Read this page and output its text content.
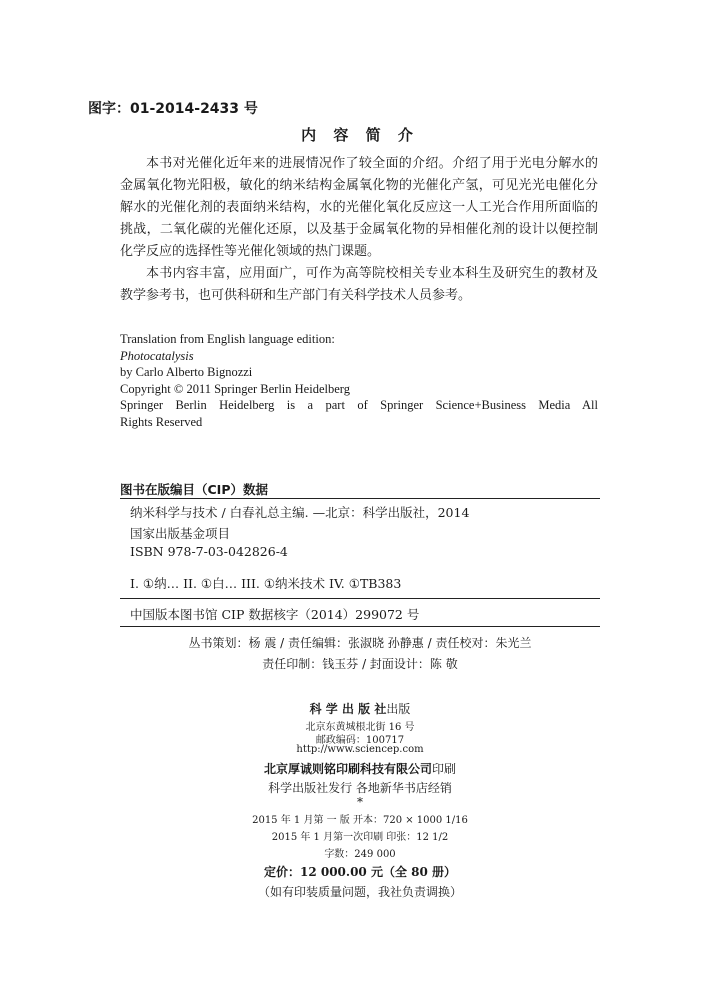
图字：01-2014-2433 号
内 容 简 介
本书对光催化近年来的进展情况作了较全面的介绍。介绍了用于光电分解水的金属氧化物光阳极，敏化的纳米结构金属氧化物的光催化产氢，可见光光电催化分解水的光催化剂的表面纳米结构，水的光催化氧化反应这一人工光合作用所面临的挑战，二氧化碳的光催化还原，以及基于金属氧化物的异相催化剂的设计以便控制化学反应的选择性等光催化领域的热门课题。
本书内容丰富，应用面广，可作为高等院校相关专业本科生及研究生的教材及教学参考书，也可供科研和生产部门有关科学技术人员参考。
Translation from English language edition:
Photocatalysis
by Carlo Alberto Bignozzi
Copyright © 2011 Springer Berlin Heidelberg
Springer Berlin Heidelberg is a part of Springer Science+Business Media All
Rights Reserved
图书在版编目（CIP）数据
纳米科学与技术 / 白春礼总主编. —北京：科学出版社，2014
国家出版基金项目
ISBN 978-7-03-042826-4
I. ①纳… II. ①白… III. ①纳米技术 IV. ①TB383
中国版本图书馆 CIP 数据核字（2014）299072 号
丛书策划：杨 震 / 责任编辑：张淑晓 孙静惠 / 责任校对：朱光兰
责任印制：钱玉芬 / 封面设计：陈 敬
科 学 出 版 社出版
北京东黄城根北街 16 号
邮政编码：100717
http://www.sciencep.com
北京厚诚则铭印刷科技有限公司印刷
科学出版社发行 各地新华书店经销
*
2015 年 1 月第 一 版 开本：720 × 1000 1/16
2015 年 1 月第一次印刷 印张：12 1/2
字数：249 000
定价：12 000.00 元（全 80 册）
（如有印装质量问题，我社负责调换）
